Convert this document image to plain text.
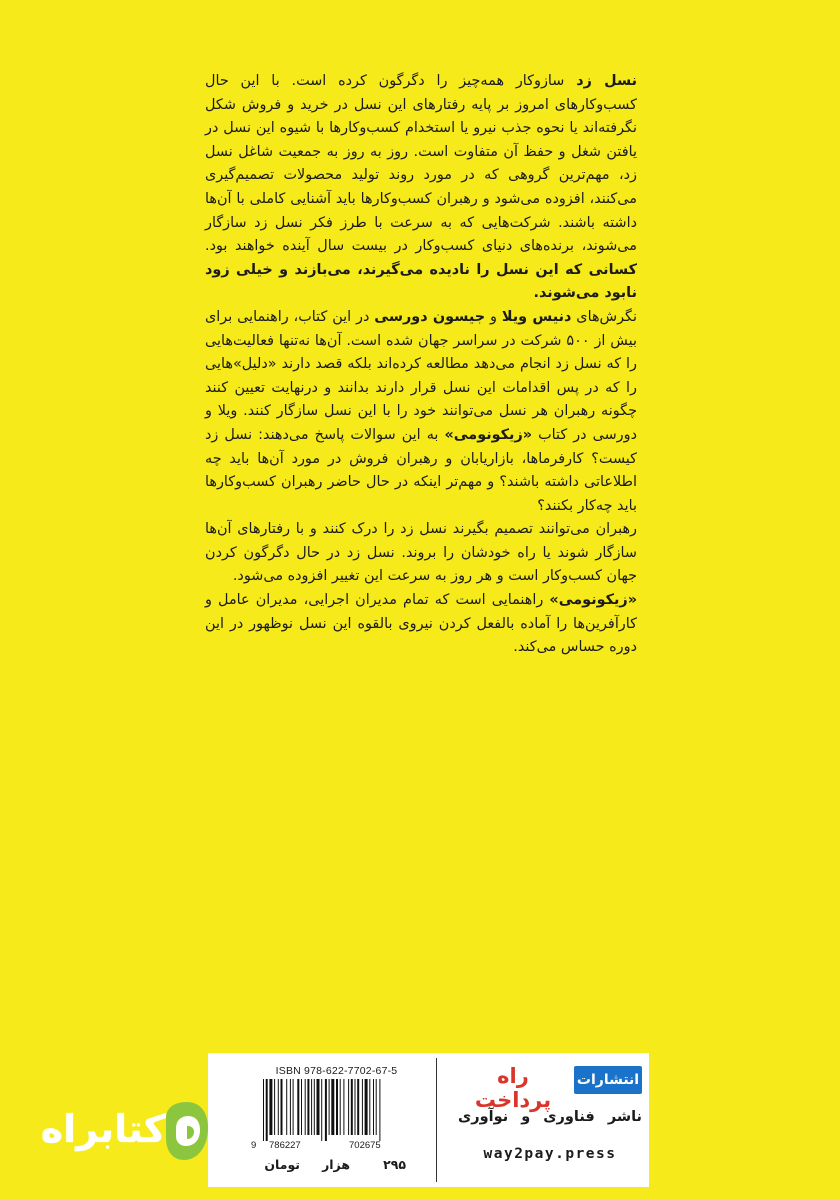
نسل زد سازوکار همه‌چیز را دگرگون کرده است. با این حال کسب‌وکارهای امروز بر پایه رفتارهای این نسل در خرید و فروش شکل نگرفته‌اند یا نحوه جذب نیرو یا استخدام کسب‌وکارها با شیوه این نسل در یافتن شغل و حفظ آن متفاوت است. روز به روز به جمعیت شاغل نسل زد، مهم‌ترین گروهی که در مورد روند تولید محصولات تصمیم‌گیری می‌کنند، افزوده می‌شود و رهبران کسب‌وکارها باید آشنایی کاملی با آن‌ها داشته باشند. شرکت‌هایی که به سرعت با طرز فکر نسل زد سازگار می‌شوند، برنده‌های دنیای کسب‌وکار در بیست سال آینده خواهند بود. کسانی که این نسل را نادیده می‌گیرند، می‌بازند و خیلی زود نابود می‌شوند.

نگرش‌های دنیس ویلا و جیسون دورسی در این کتاب، راهنمایی برای بیش از ۵۰۰ شرکت در سراسر جهان شده است. آن‌ها نه‌تنها فعالیت‌هایی را که نسل زد انجام می‌دهد مطالعه کرده‌اند بلکه قصد دارند «دلیل»هایی را که در پس اقدامات این نسل قرار دارند بدانند و درنهایت تعیین کنند چگونه رهبران هر نسل می‌توانند خود را با این نسل سازگار کنند. ویلا و دورسی در کتاب «زیکونومی» به این سوالات پاسخ می‌دهند: نسل زد کیست؟ کارفرماها، بازاریابان و رهبران فروش در مورد آن‌ها باید چه اطلاعاتی داشته باشند؟ و مهم‌تر اینکه در حال حاضر رهبران کسب‌وکارها باید چه‌کار بکنند؟

رهبران می‌توانند تصمیم بگیرند نسل زد را درک کنند و با رفتارهای آن‌ها سازگار شوند یا راه خودشان را بروند. نسل زد در حال دگرگون کردن جهان کسب‌وکار است و هر روز به سرعت این تغییر افزوده می‌شود.

«زیکونومی» راهنمایی است که تمام مدیران اجرایی، مدیران عامل و کارآفرین‌ها را آماده بالفعل کردن نیروی بالقوه این نسل نوظهور در این دوره حساس می‌کند.

ISBN 978-622-7702-67-5
9 786227	702675
۲۹۵
هزار
تومان
راه پرداخت
انتشارات
ناشر فناوری و نوآوری
way2pay.press
کتابراه
